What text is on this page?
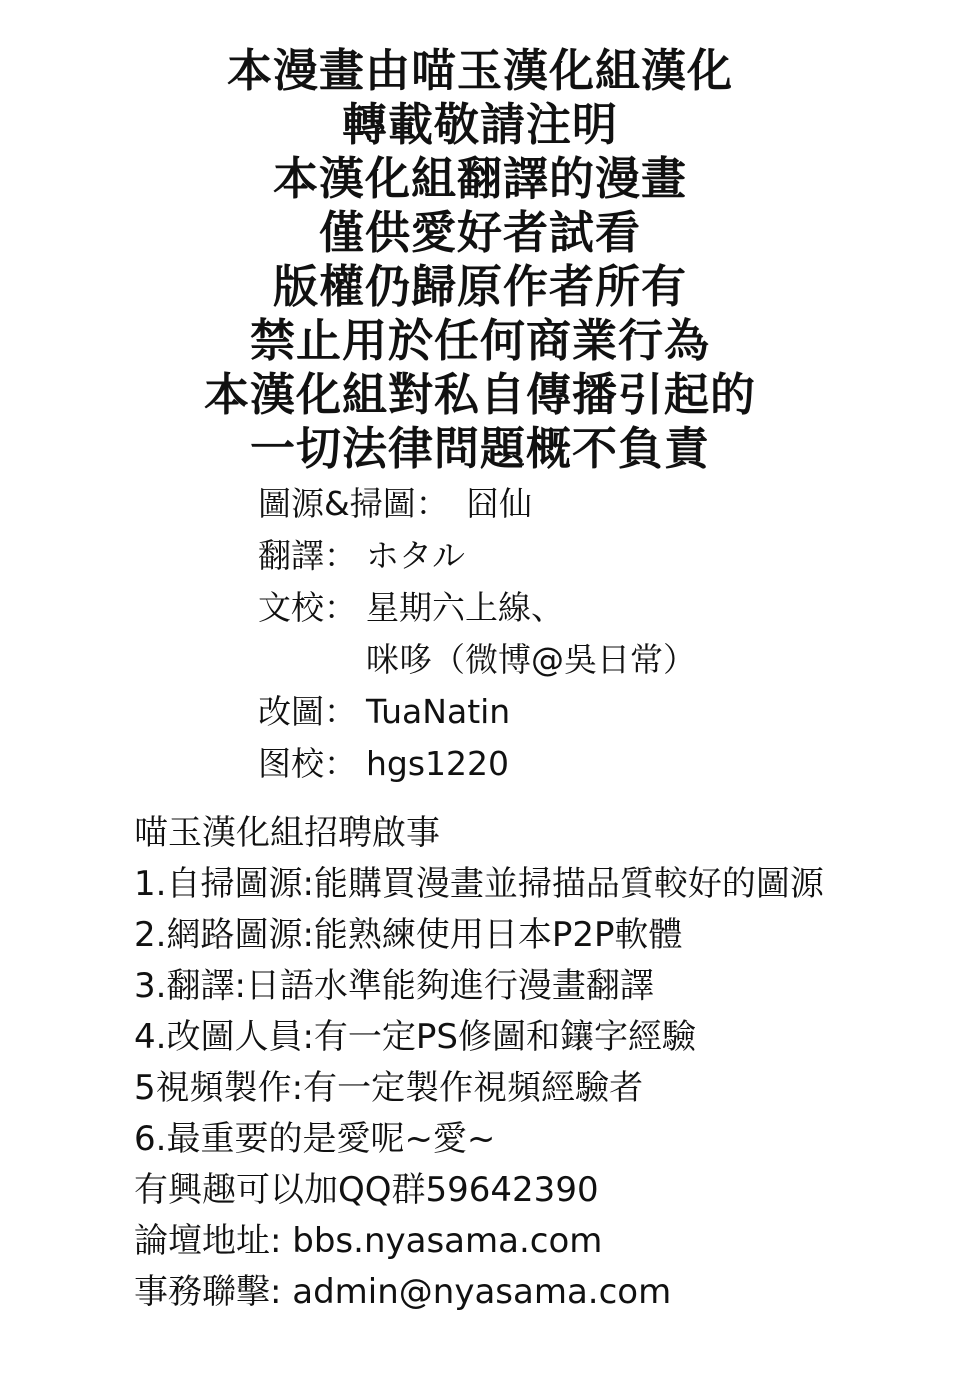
本漫畫由喵玉漢化組漢化
轉載敬請注明
本漢化組翻譯的漫畫
僅供愛好者試看
版權仍歸原作者所有
禁止用於任何商業行為
本漢化組對私自傳播引起的
一切法律問題概不負責
圖源&掃圖： 囧仙
翻譯： ホタル
文校： 星期六上線、
咪哆（微博@吳日常）
改圖： TuaNatin
图校： hgs1220
喵玉漢化組招聘啟事
1.自掃圖源:能購買漫畫並掃描品質較好的圖源
2.網路圖源:能熟練使用日本P2P軟體
3.翻譯:日語水準能夠進行漫畫翻譯
4.改圖人員:有一定PS修圖和鑲字經驗
5視頻製作:有一定製作視頻經驗者
6.最重要的是愛呢~愛~
有興趣可以加QQ群59642390
論壇地址: bbs.nyasama.com
事務聯擊: admin@nyasama.com
